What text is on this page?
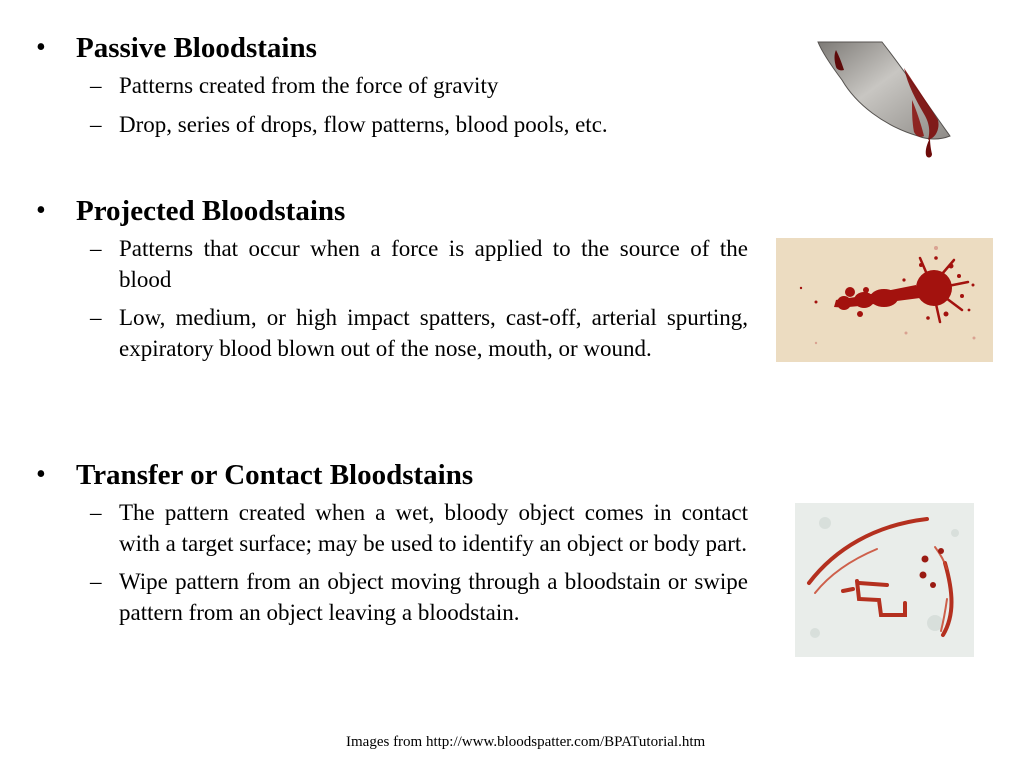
• Passive Bloodstains
– Patterns created from the force of gravity
– Drop, series of drops, flow patterns, blood pools, etc.
• Projected Bloodstains
– Patterns that occur when a force is applied to the source of the blood
– Low, medium, or high impact spatters, cast-off, arterial spurting, expiratory blood blown out of the nose, mouth, or wound.
• Transfer or Contact Bloodstains
– The pattern created when a wet, bloody object comes in contact with a target surface; may be used to identify an object or body part.
– Wipe pattern from an object moving through a bloodstain or swipe pattern from an object leaving a bloodstain.
Images from http://www.bloodspatter.com/BPATutorial.htm
